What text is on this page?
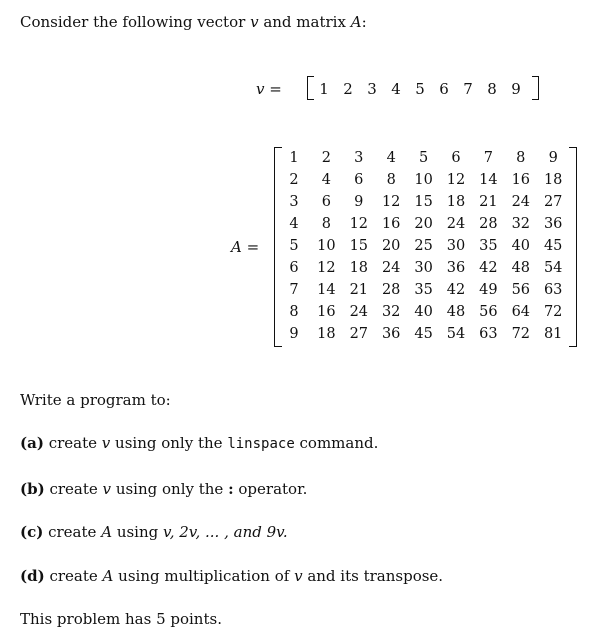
Consider the following vector v and matrix A:
v =	1 2 3 4 5 6 7 8 9
A =
1	2	3	4	5	6	7	8	9
2	4	6	8	10 12 14 16 18
3	6	9	12 15 18 21 24 27
4	8	12 16 20 24 28 32 36
5	10 15 20 25 30 35 40 45
6	12 18 24 30 36 42 48 54
7	14 21 28 35 42 49 56 63
8	16 24 32 40 48 56 64 72
9	18 27 36 45 54 63 72 81
Write a program to:
(a) create v using only the linspace command.
(b) create v using only the : operator.
(c) create A using v, 2v, ... , and 9v.
(d) create A using multiplication of v and its transpose.
This problem has 5 points.
